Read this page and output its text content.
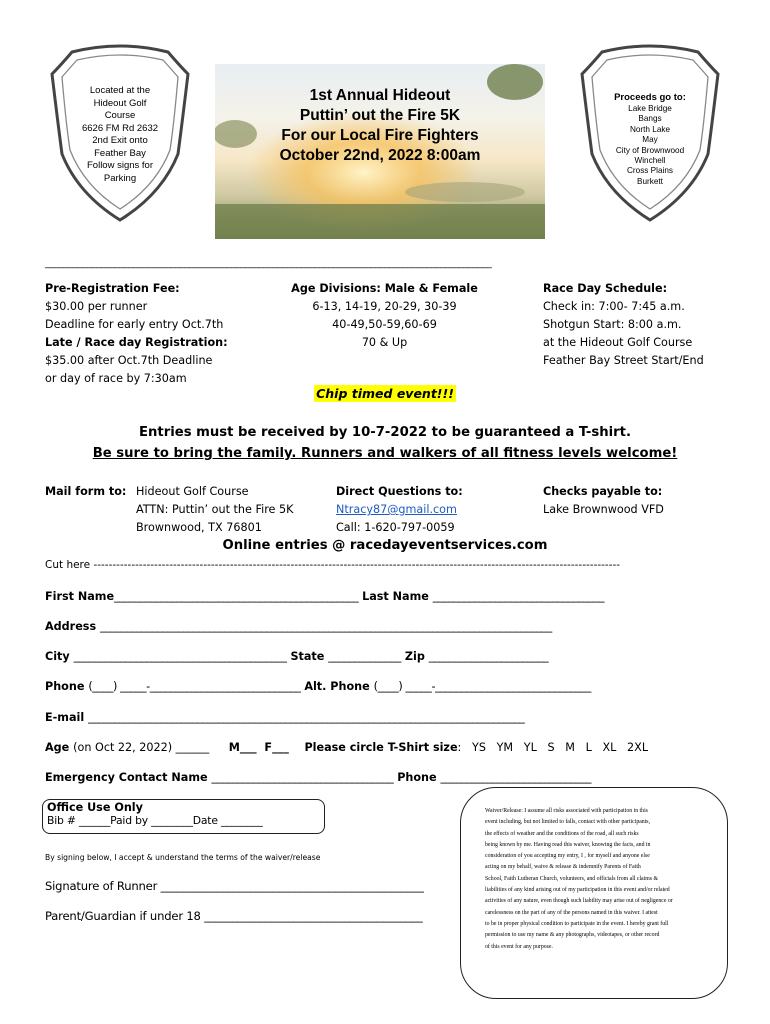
Located at the
Hideout Golf
Course
6626 FM Rd 2632
2nd Exit onto
Feather Bay
Follow signs for
Parking
1st Annual Hideout
Puttin’ out the Fire 5K
For our Local Fire Fighters
October 22nd, 2022 8:00am
Proceeds go to:
Lake Bridge
Bangs
North Lake
May
City of Brownwood
Winchell
Cross Plains
Burkett
________________________________________________________________________________________________
Pre-Registration Fee:
$30.00 per runner
Deadline for early entry Oct.7th
Late / Race day Registration:
$35.00 after Oct.7th Deadline
or day of race by 7:30am
Age Divisions: Male & Female
6-13, 14-19, 20-29, 30-39
40-49,50-59,60-69
70 & Up
Race Day Schedule:
Check in: 7:00- 7:45 a.m.
Shotgun Start: 8:00 a.m.
at the Hideout Golf Course
Feather Bay Street Start/End
Chip timed event!!!
Entries must be received by 10-7-2022 to be guaranteed a T-shirt.
Be sure to bring the family. Runners and walkers of all fitness levels welcome!
Mail form to: Hideout Golf Course
ATTN: Puttin’ out the Fire 5K
Brownwood, TX 76801
Direct Questions to:
Ntracy87@gmail.com
Call: 1-620-797-0059
Checks payable to:
Lake Brownwood VFD
Online entries @ racedayeventservices.com
Cut here -------------------------------------------------------------------------------------------------------------------------------------------
First Name_______________________________________________ Last Name _________________________________
Address _______________________________________________________________________________________
City _________________________________________ State ______________ Zip _______________________
Phone (____) _____-_____________________________ Alt. Phone (____) _____-______________________________
E-mail ____________________________________________________________________________________
Age (on Oct 22, 2022) ______ M___  F___ Please circle T-Shirt size:   YS   YM   YL   S   M   L   XL   2XL
Emergency Contact Name ___________________________________ Phone _____________________________
Office Use Only
Bib # ______Paid by ________Date ________
By signing below, I accept & understand the terms of the waiver/release
Signature of Runner _______________________________________________
Parent/Guardian if under 18 _______________________________________

Waiver/Release: I assume all risks associated with participation in this

event including, but not limited to falls, contact with other participants,

the effects of weather and the conditions of the road, all such risks

being known by me. Having read this waiver, knowing the facts, and in

consideration of you accepting my entry, I , for myself and anyone else

acting on my behalf, waive & release & indemnify Parents of Faith

School, Faith Lutheran Church, volunteers, and officials from all claims &

liabilities of any kind arising out of my participation in this event and/or related

activities of any nature, even though such liability may arise out of negligence or

carelessness on the part of any of the persons named in this waiver. I attest

to be in proper physical condition to participate in the event. I hereby grant full

permission to use my name & any photographs, videotapes, or other record

of this event for any purpose.
